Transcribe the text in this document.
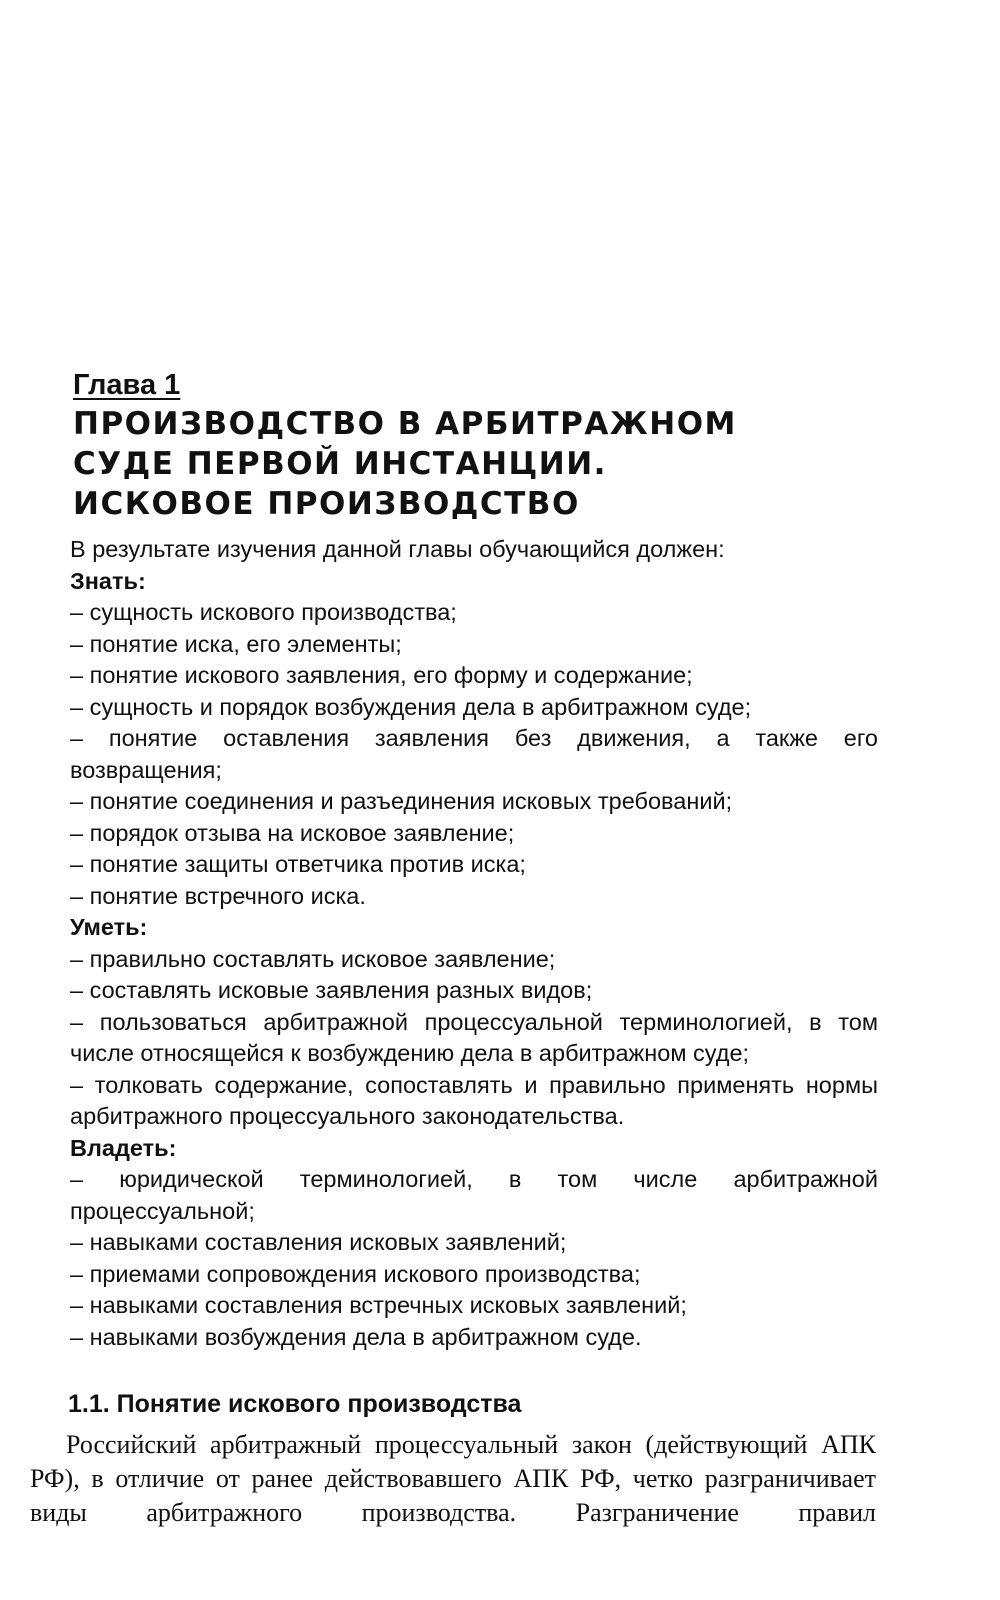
Глава 1
ПРОИЗВОДСТВО В АРБИТРАЖНОМ
СУДЕ ПЕРВОЙ ИНСТАНЦИИ.
ИСКОВОЕ ПРОИЗВОДСТВО
В результате изучения данной главы обучающийся должен:
Знать:
– сущность искового производства;
– понятие иска, его элементы;
– понятие искового заявления, его форму и содержание;
– сущность и порядок возбуждения дела в арбитражном суде;
– понятие оставления заявления без движения, а также его возвращения;
– понятие соединения и разъединения исковых требований;
– порядок отзыва на исковое заявление;
– понятие защиты ответчика против иска;
– понятие встречного иска.
Уметь:
– правильно составлять исковое заявление;
– составлять исковые заявления разных видов;
– пользоваться арбитражной процессуальной терминологией, в том числе относящейся к возбуждению дела в арбитражном суде;
– толковать содержание, сопоставлять и правильно применять нормы арбитражного процессуального законодательства.
Владеть:
– юридической терминологией, в том числе арбитражной процессуальной;
– навыками составления исковых заявлений;
– приемами сопровождения искового производства;
– навыками составления встречных исковых заявлений;
– навыками возбуждения дела в арбитражном суде.
1.1. Понятие искового производства

Российский арбитражный процессуальный закон (действующий АПК РФ), в отличие от ранее действовавшего АПК РФ, четко разграничивает виды арбитражного производства. Разграничение правил
